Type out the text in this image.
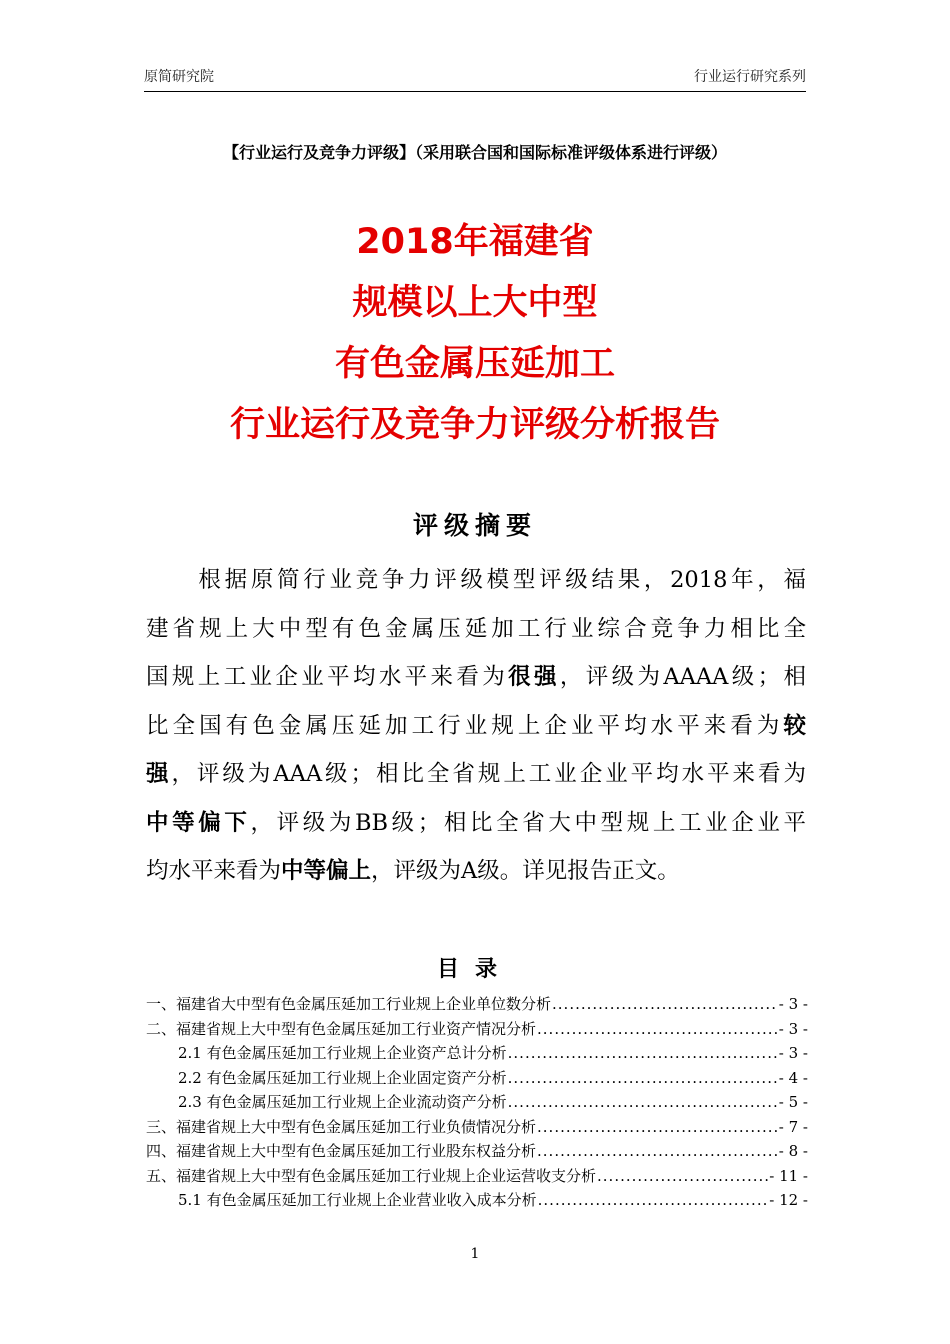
原简研究院	行业运行研究系列
【行业运行及竞争力评级】（采用联合国和国际标准评级体系进行评级）
2018年福建省
规模以上大中型
有色金属压延加工
行业运行及竞争力评级分析报告
评级摘要
　　根据原简行业竞争力评级模型评级结果，2018年，福
建省规上大中型有色金属压延加工行业综合竞争力相比全
国规上工业企业平均水平来看为很强，评级为AAAA级；相
比全国有色金属压延加工行业规上企业平均水平来看为较
强，评级为AAA级；相比全省规上工业企业平均水平来看为
中等偏下，评级为BB级；相比全省大中型规上工业企业平
均水平来看为中等偏上，评级为A级。详见报告正文。
目录
一、福建省大中型有色金属压延加工行业规上企业单位数分析 .....	- 3 -
二、福建省规上大中型有色金属压延加工行业资产情况分析 .....	- 3 -
2.1 有色金属压延加工行业规上企业资产总计分析 .....	- 3 -
2.2 有色金属压延加工行业规上企业固定资产分析 .....	- 4 -
2.3 有色金属压延加工行业规上企业流动资产分析 .....	- 5 -
三、福建省规上大中型有色金属压延加工行业负债情况分析 .....	- 7 -
四、福建省规上大中型有色金属压延加工行业股东权益分析 .....	- 8 -
五、福建省规上大中型有色金属压延加工行业规上企业运营收支分析 .....	- 11 -
5.1 有色金属压延加工行业规上企业营业收入成本分析 .....	- 12 -
1
